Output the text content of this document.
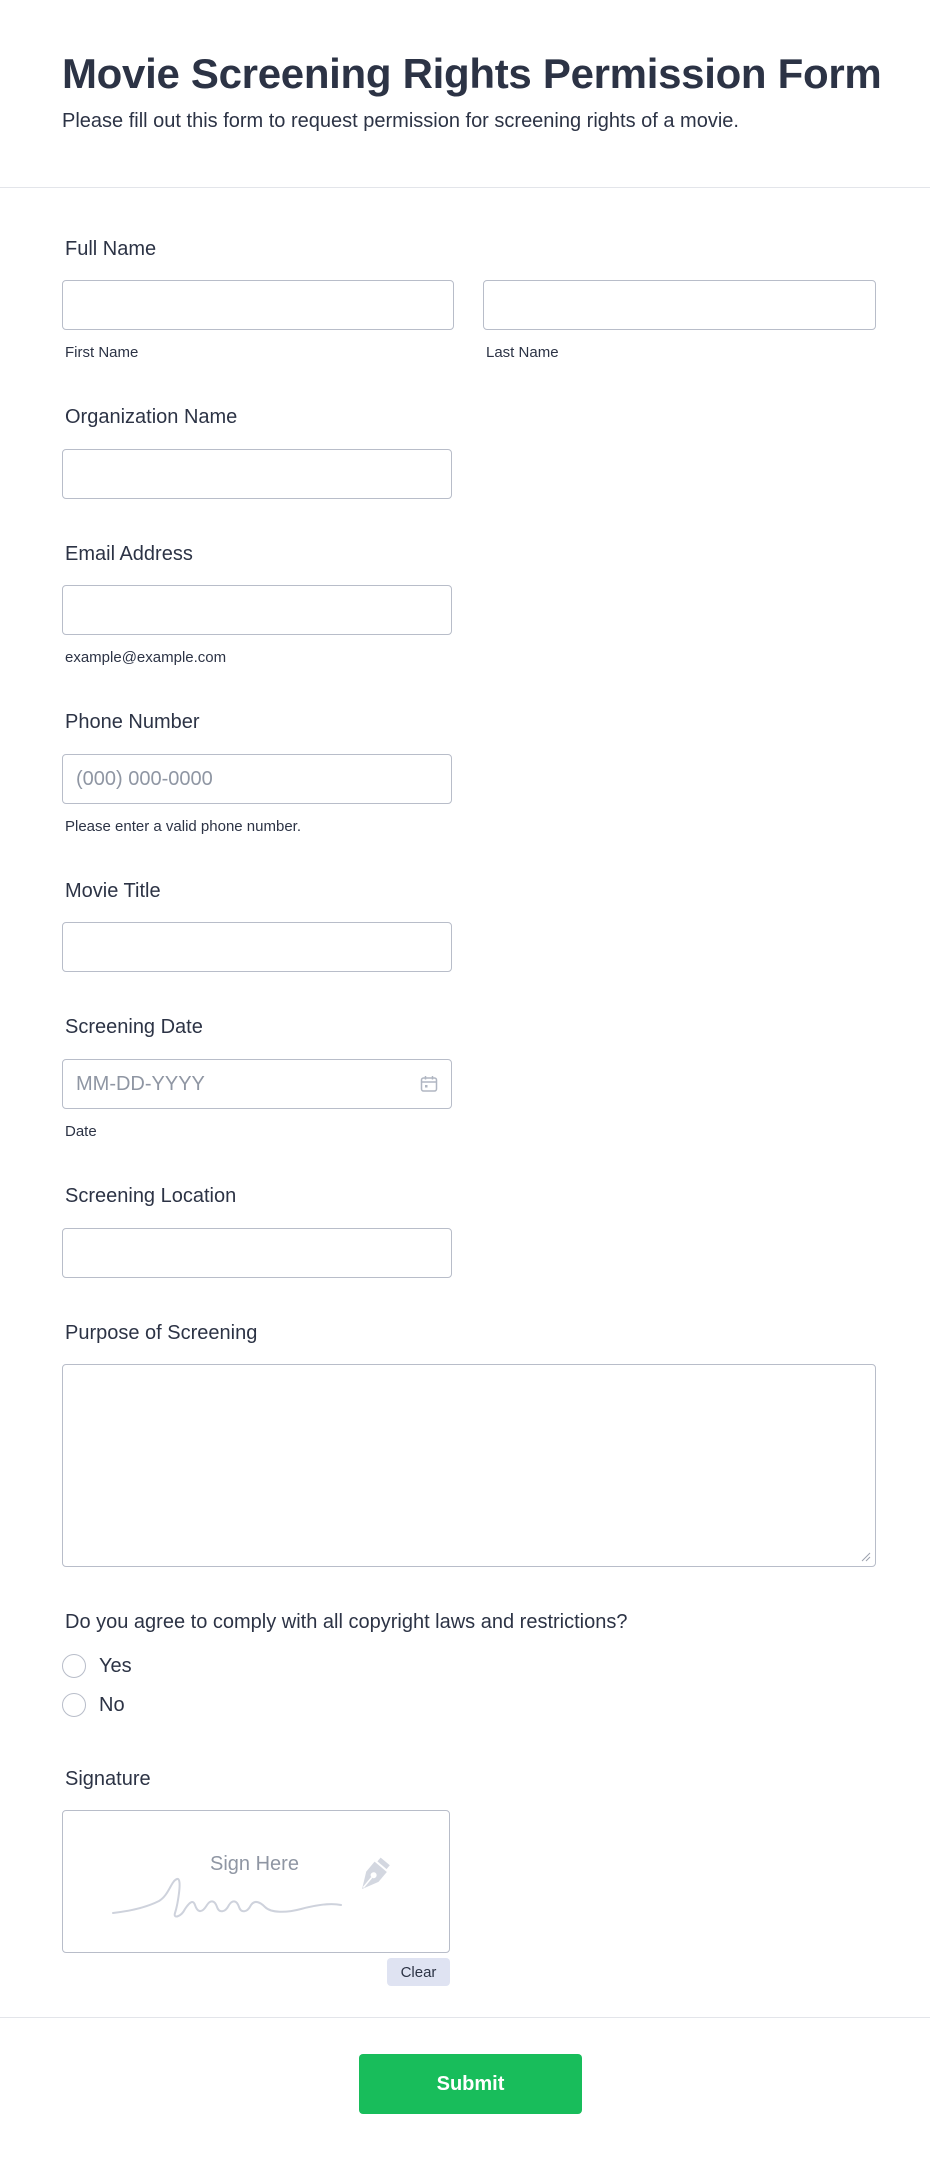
Movie Screening Rights Permission Form
Please fill out this form to request permission for screening rights of a movie.
Full Name
First Name	Last Name
Organization Name
Email Address
example@example.com
Phone Number
(000) 000-0000
Please enter a valid phone number.
Movie Title
Screening Date
MM-DD-YYYY
Date
Screening Location
Purpose of Screening
Do you agree to comply with all copyright laws and restrictions?
Yes
No
Signature
Sign Here
Clear
Submit
